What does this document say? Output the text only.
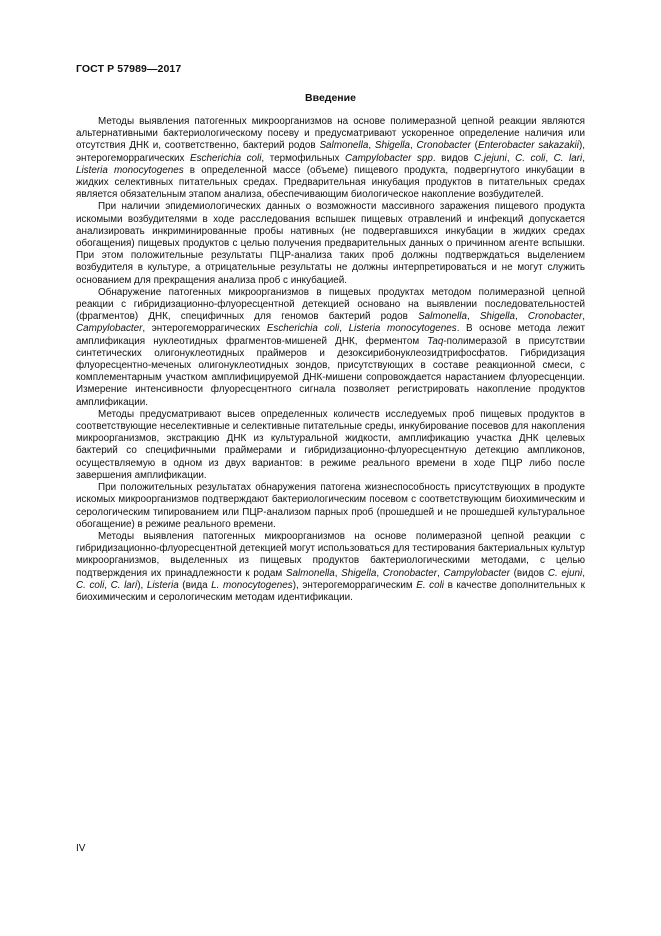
ГОСТ Р 57989—2017
Введение

Методы выявления патогенных микроорганизмов на основе полимеразной цепной реакции являются альтернативными бактериологическому посеву и предусматривают ускоренное определение наличия или отсутствия ДНК и, соответственно, бактерий родов Salmonella, Shigella, Cronobacter (Enterobacter sakazakii), энтерогеморрагических Escherichia coli, термофильных Campylobacter spp. видов C.jejuni, C. coli, C. lari, Listeria monocytogenes в определенной массе (объеме) пищевого продукта, подвергнутого инкубации в жидких селективных питательных средах. Предварительная инкубация продуктов в питательных средах является обязательным этапом анализа, обеспечивающим биологическое накопление возбудителей.

При наличии эпидемиологических данных о возможности массивного заражения пищевого продукта искомыми возбудителями в ходе расследования вспышек пищевых отравлений и инфекций допускается анализировать инкриминированные пробы нативных (не подвергавшихся инкубации в жидких средах обогащения) пищевых продуктов с целью получения предварительных данных о причинном агенте вспышки. При этом положительные результаты ПЦР-анализа таких проб должны подтверждаться выделением возбудителя в культуре, а отрицательные результаты не должны интерпретироваться и не могут служить основанием для прекращения анализа проб с инкубацией.

Обнаружение патогенных микроорганизмов в пищевых продуктах методом полимеразной цепной реакции с гибридизационно-флуоресцентной детекцией основано на выявлении последовательностей (фрагментов) ДНК, специфичных для геномов бактерий родов Salmonella, Shigella, Cronobacter, Campylobacter, энтерогеморрагических Escherichia coli, Listeria monocytogenes. В основе метода лежит амплификация нуклеотидных фрагментов-мишеней ДНК, ферментом Taq-полимеразой в присутствии синтетических олигонуклеотидных праймеров и дезоксирибонуклеозидтрифосфатов. Гибридизация флуоресцентно-меченых олигонуклеотидных зондов, присутствующих в составе реакционной смеси, с комплементарным участком амплифицируемой ДНК-мишени сопровождается нарастанием флуоресценции. Измерение интенсивности флуоресцентного сигнала позволяет регистрировать накопление продуктов амплификации.

Методы предусматривают высев определенных количеств исследуемых проб пищевых продуктов в соответствующие неселективные и селективные питательные среды, инкубирование посевов для накопления микроорганизмов, экстракцию ДНК из культуральной жидкости, амплификацию участка ДНК целевых бактерий со специфичными праймерами и гибридизационно-флуоресцентную детекцию ампликонов, осуществляемую в одном из двух вариантов: в режиме реального времени в ходе ПЦР либо после завершения амплификации.

При положительных результатах обнаружения патогена жизнеспособность присутствующих в продукте искомых микроорганизмов подтверждают бактериологическим посевом с соответствующим биохимическим и серологическим типированием или ПЦР-анализом парных проб (прошедшей и не прошедшей культуральное обогащение) в режиме реального времени.

Методы выявления патогенных микроорганизмов на основе полимеразной цепной реакции с гибридизационно-флуоресцентной детекцией могут использоваться для тестирования бактериальных культур микроорганизмов, выделенных из пищевых продуктов бактериологическими методами, с целью подтверждения их принадлежности к родам Salmonella, Shigella, Cronobacter, Campylobacter (видов C. ejuni, C. coli, C. lari), Listeria (вида L. monocytogenes), энтерогеморрагическим E. coli в качестве дополнительных к биохимическим и серологическим методам идентификации.

IV
